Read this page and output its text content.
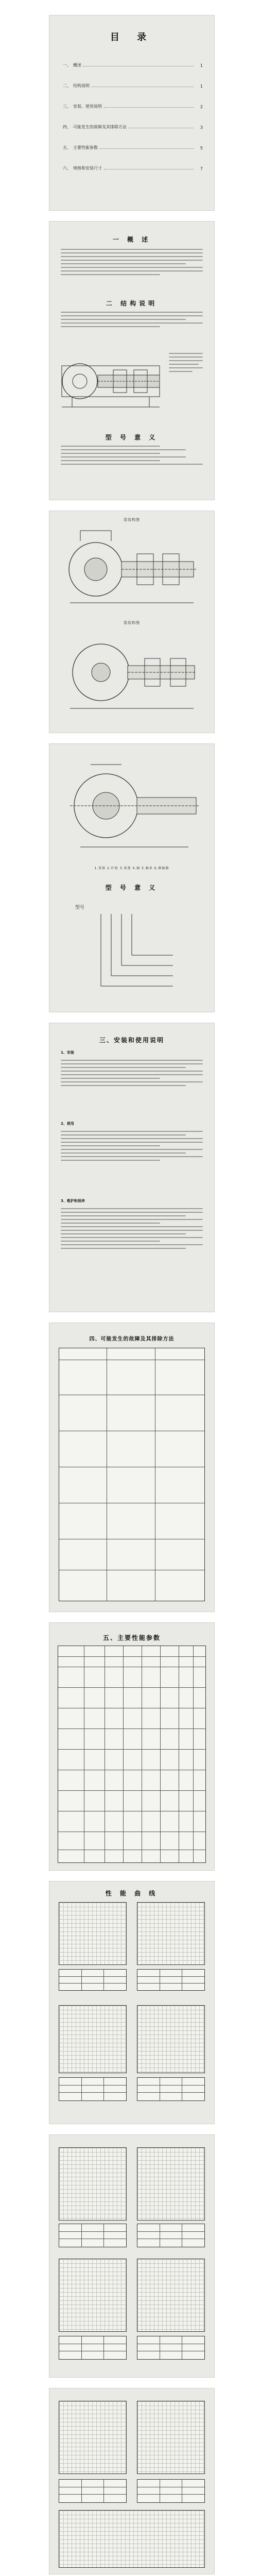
目 录
一、 概述	1
二、 结构说明	1
三、 安装、使用说明	2
四、 可能发生的故障及其排除方法	3
五、 主要性能参数	5
六、 规格和安装尺寸	7
一 概 述
二 结构说明
型 号 意 义
泵结构图
泵结构图
1.泵体 2.叶轮 3.泵盖 4.轴 5.轴承 6.联轴器
型 号 意 义
型号
三、安装和使用说明
1、安装
2、使用
3、维护和保养
四、可能发生的故障及其排除方法
五、主要性能参数
性 能 曲 线
